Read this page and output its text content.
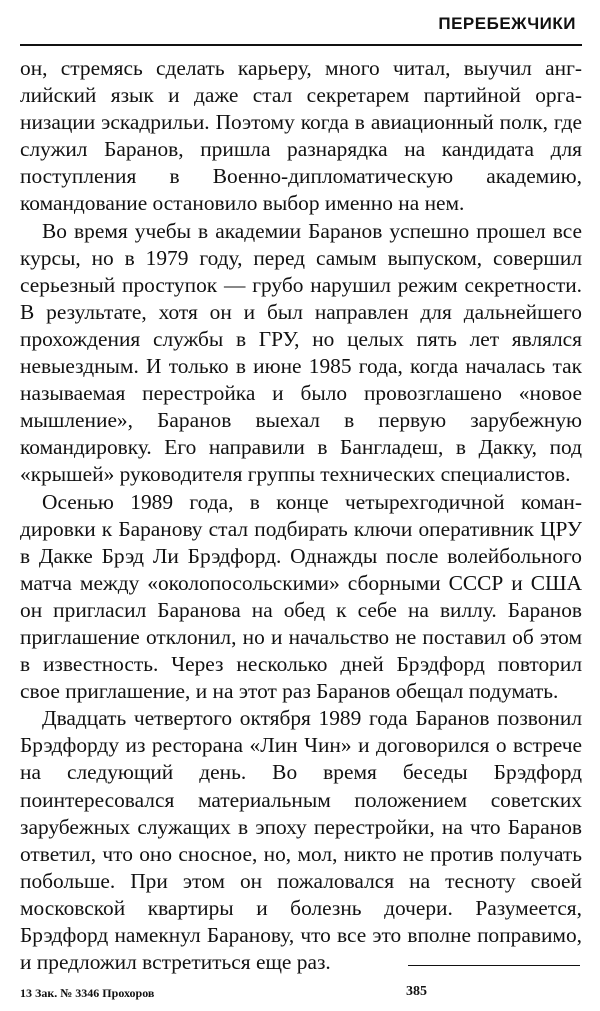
ПЕРЕБЕЖЧИКИ

он, стремясь сделать карьеру, много читал, выучил английский язык и даже стал секретарем партийной организации эскадрильи. Поэтому когда в авиационный полк, где служил Баранов, пришла разнарядка на кандидата для поступления в Военно-дипломатическую академию, командование остановило выбор именно на нем.

Во время учебы в академии Баранов успешно прошел все курсы, но в 1979 году, перед самым выпуском, совершил серьезный проступок — грубо нарушил режим секретности. В результате, хотя он и был направлен для дальнейшего прохождения службы в ГРУ, но целых пять лет являлся невыездным. И только в июне 1985 года, когда началась так называемая перестройка и было провозглашено «новое мышление», Баранов выехал в первую зарубежную командировку. Его направили в Бангладеш, в Дакку, под «крышей» руководителя группы технических специалистов.

Осенью 1989 года, в конце четырехгодичной командировки к Баранову стал подбирать ключи оперативник ЦРУ в Дакке Брэд Ли Брэдфорд. Однажды после волейбольного матча между «околопосольскими» сборными СССР и США он пригласил Баранова на обед к себе на виллу. Баранов приглашение отклонил, но и начальство не поставил об этом в известность. Через несколько дней Брэдфорд повторил свое приглашение, и на этот раз Баранов обещал подумать.

Двадцать четвертого октября 1989 года Баранов позвонил Брэдфорду из ресторана «Лин Чин» и договорился о встрече на следующий день. Во время беседы Брэдфорд поинтересовался материальным положением советских зарубежных служащих в эпоху перестройки, на что Баранов ответил, что оно сносное, но, мол, никто не против получать побольше. При этом он пожаловался на тесноту своей московской квартиры и болезнь дочери. Разумеется, Брэдфорд намекнул Баранову, что все это вполне поправимо, и предложил встретиться еще раз.

13 Зак. № 3346 Прохоров	385
